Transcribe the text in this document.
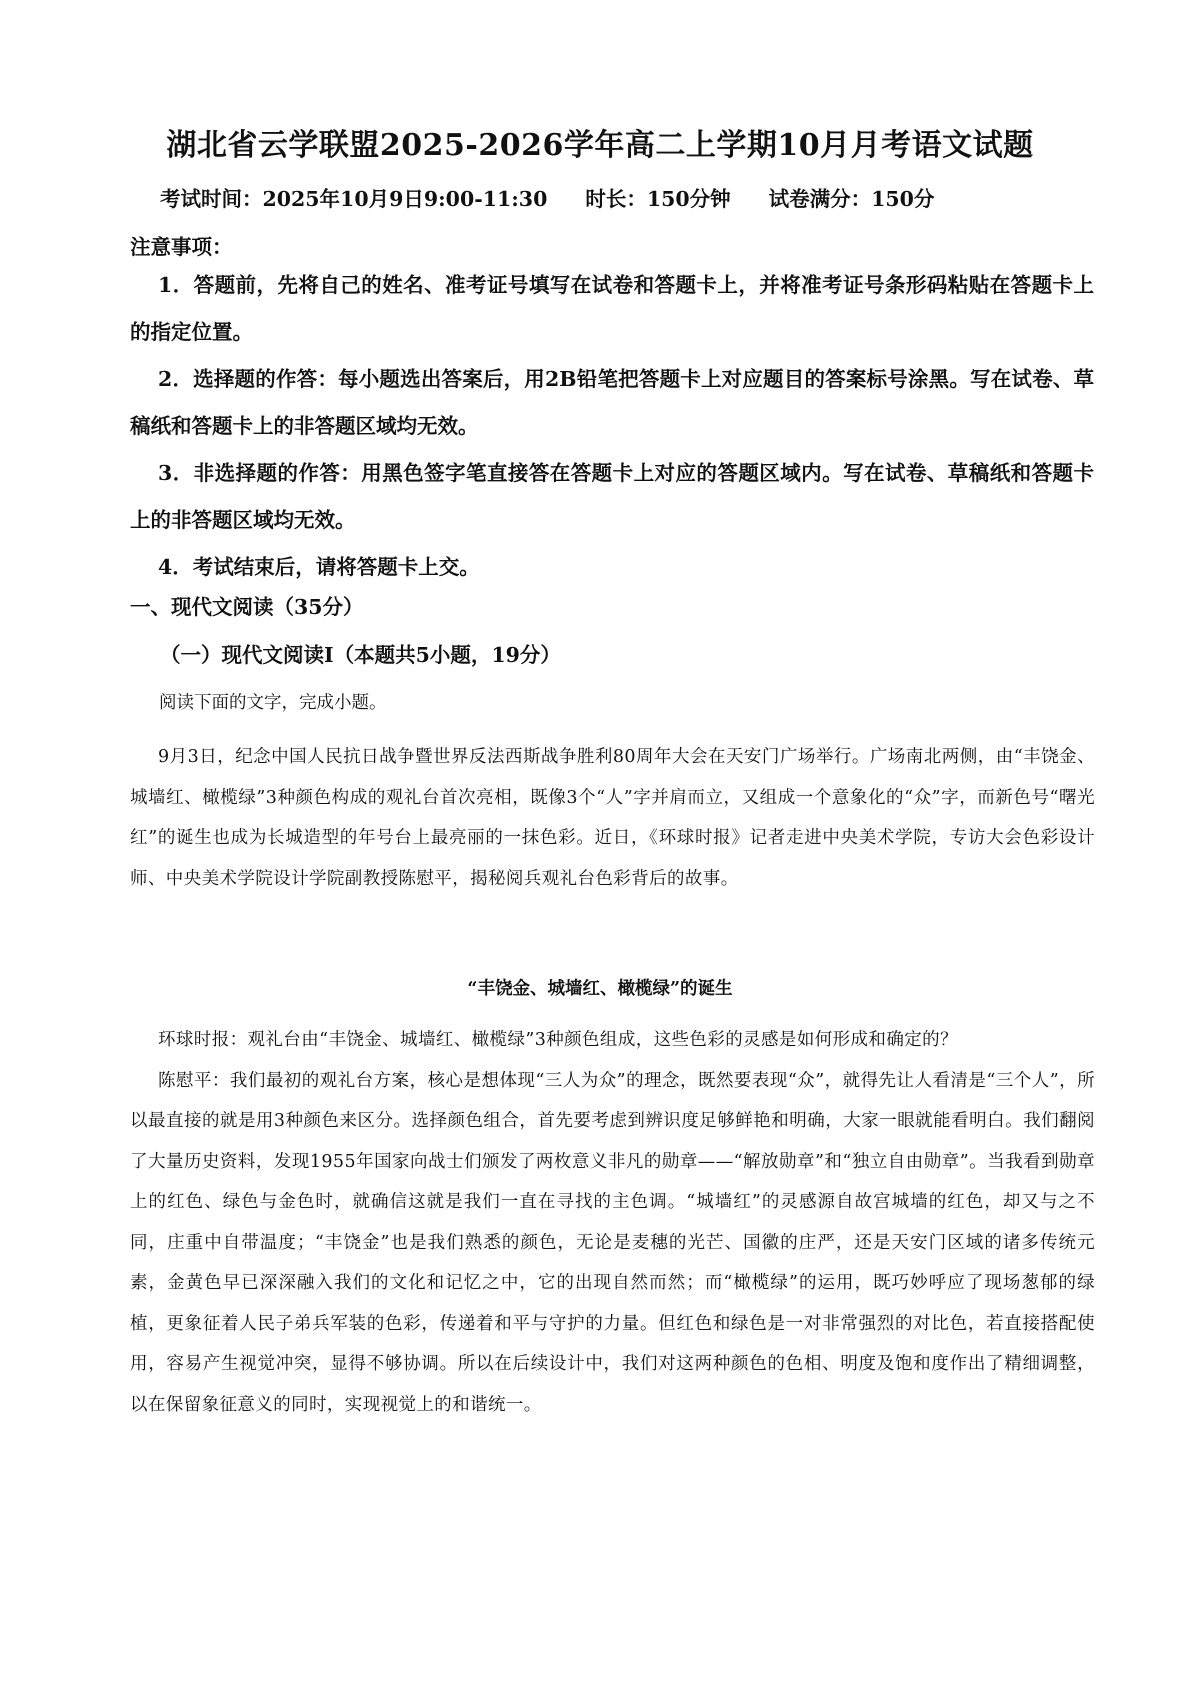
湖北省云学联盟2025-2026学年高二上学期10月月考语文试题
考试时间：2025年10月9日9:00-11:30 时长：150分钟 试卷满分：150分
注意事项：

1．答题前，先将自己的姓名、准考证号填写在试卷和答题卡上，并将准考证号条形码粘贴在答题卡上的指定位置。

2．选择题的作答：每小题选出答案后，用2B铅笔把答题卡上对应题目的答案标号涂黑。写在试卷、草稿纸和答题卡上的非答题区域均无效。

3．非选择题的作答：用黑色签字笔直接答在答题卡上对应的答题区域内。写在试卷、草稿纸和答题卡上的非答题区域均无效。

4．考试结束后，请将答题卡上交。

一、现代文阅读（35分）
（一）现代文阅读I（本题共5小题，19分）
阅读下面的文字，完成小题。

9月3日，纪念中国人民抗日战争暨世界反法西斯战争胜利80周年大会在天安门广场举行。广场南北两侧，由“丰饶金、城墙红、橄榄绿”3种颜色构成的观礼台首次亮相，既像3个“人”字并肩而立，又组成一个意象化的“众”字，而新色号“曙光红”的诞生也成为长城造型的年号台上最亮丽的一抹色彩。近日，《环球时报》记者走进中央美术学院，专访大会色彩设计师、中央美术学院设计学院副教授陈慰平，揭秘阅兵观礼台色彩背后的故事。

“丰饶金、城墙红、橄榄绿”的诞生

环球时报：观礼台由“丰饶金、城墙红、橄榄绿”3种颜色组成，这些色彩的灵感是如何形成和确定的？

陈慰平：我们最初的观礼台方案，核心是想体现“三人为众”的理念，既然要表现“众”，就得先让人看清是“三个人”，所以最直接的就是用3种颜色来区分。选择颜色组合，首先要考虑到辨识度足够鲜艳和明确，大家一眼就能看明白。我们翻阅了大量历史资料，发现1955年国家向战士们颁发了两枚意义非凡的勋章——“解放勋章”和“独立自由勋章”。当我看到勋章上的红色、绿色与金色时，就确信这就是我们一直在寻找的主色调。“城墙红”的灵感源自故宫城墙的红色，却又与之不同，庄重中自带温度；“丰饶金”也是我们熟悉的颜色，无论是麦穗的光芒、国徽的庄严，还是天安门区域的诸多传统元素，金黄色早已深深融入我们的文化和记忆之中，它的出现自然而然；而“橄榄绿”的运用，既巧妙呼应了现场葱郁的绿植，更象征着人民子弟兵军装的色彩，传递着和平与守护的力量。但红色和绿色是一对非常强烈的对比色，若直接搭配使用，容易产生视觉冲突，显得不够协调。所以在后续设计中，我们对这两种颜色的色相、明度及饱和度作出了精细调整，以在保留象征意义的同时，实现视觉上的和谐统一。
